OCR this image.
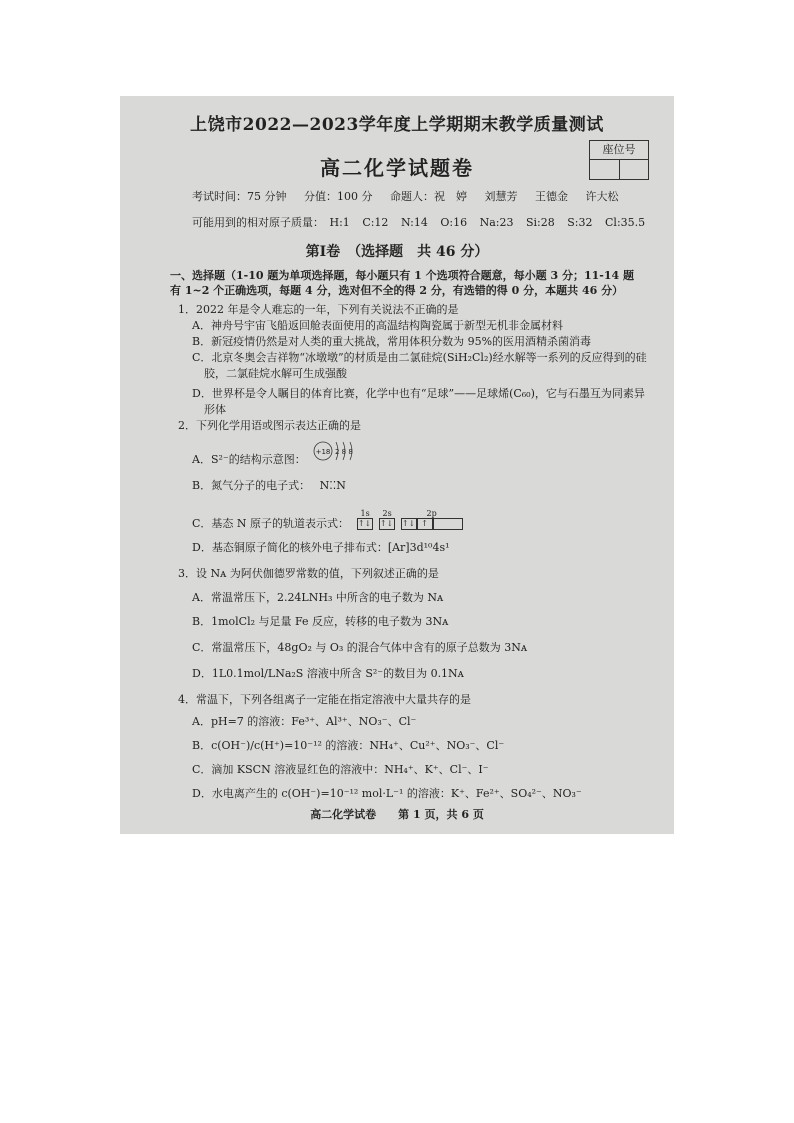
上饶市2022—2023学年度上学期期末教学质量测试
座位号
高二化学试题卷
考试时间：75 分钟 分值：100 分 命题人：祝　婷 刘慧芳 王德金 许大松
可能用到的相对原子质量： H:1 C:12 N:14 O:16 Na:23 Si:28 S:32 Cl:35.5
第Ⅰ卷　（选择题　共 46 分）
一、选择题（1-10 题为单项选择题，每小题只有 1 个选项符合题意，每小题 3 分；11-14 题有 1~2 个正确选项，每题 4 分，选对但不全的得 2 分，有选错的得 0 分，本题共 46 分）
1．2022 年是令人难忘的一年，下列有关说法不正确的是
A．神舟号宇宙飞船返回舱表面使用的高温结构陶瓷属于新型无机非金属材料
B．新冠疫情仍然是对人类的重大挑战，常用体积分数为 95%的医用酒精杀菌消毒
C．北京冬奥会吉祥物“冰墩墩”的材质是由二氯硅烷(SiH₂Cl₂)经水解等一系列的反应得到的硅
胶，二氯硅烷水解可生成强酸
D．世界杯是令人瞩目的体育比赛，化学中也有“足球”——足球烯(C₆₀)，它与石墨互为同素异
形体
2．下列化学用语或图示表达正确的是
A．S²⁻的结构示意图：
+18 2 8 8
B．氮气分子的电子式： N⁚⁚N
C．基态 N 原子的轨道表示式：
1s 2s	2p
↑↓ ↑↓ ↑↓ ↑
D．基态铜原子简化的核外电子排布式：[Ar]3d¹⁰4s¹
3．设 Nᴀ 为阿伏伽德罗常数的值，下列叙述正确的是
A．常温常压下，2.24LNH₃ 中所含的电子数为 Nᴀ
B．1molCl₂ 与足量 Fe 反应，转移的电子数为 3Nᴀ
C．常温常压下，48gO₂ 与 O₃ 的混合气体中含有的原子总数为 3Nᴀ
D．1L0.1mol/LNa₂S 溶液中所含 S²⁻的数目为 0.1Nᴀ
4．常温下，下列各组离子一定能在指定溶液中大量共存的是
A．pH=7 的溶液：Fe³⁺、Al³⁺、NO₃⁻、Cl⁻
B．c(OH⁻)/c(H⁺)=10⁻¹² 的溶液：NH₄⁺、Cu²⁺、NO₃⁻、Cl⁻
C．滴加 KSCN 溶液显红色的溶液中：NH₄⁺、K⁺、Cl⁻、I⁻
D．水电离产生的 c(OH⁻)=10⁻¹² mol·L⁻¹ 的溶液：K⁺、Fe²⁺、SO₄²⁻、NO₃⁻
高二化学试卷　　第 1 页，共 6 页
